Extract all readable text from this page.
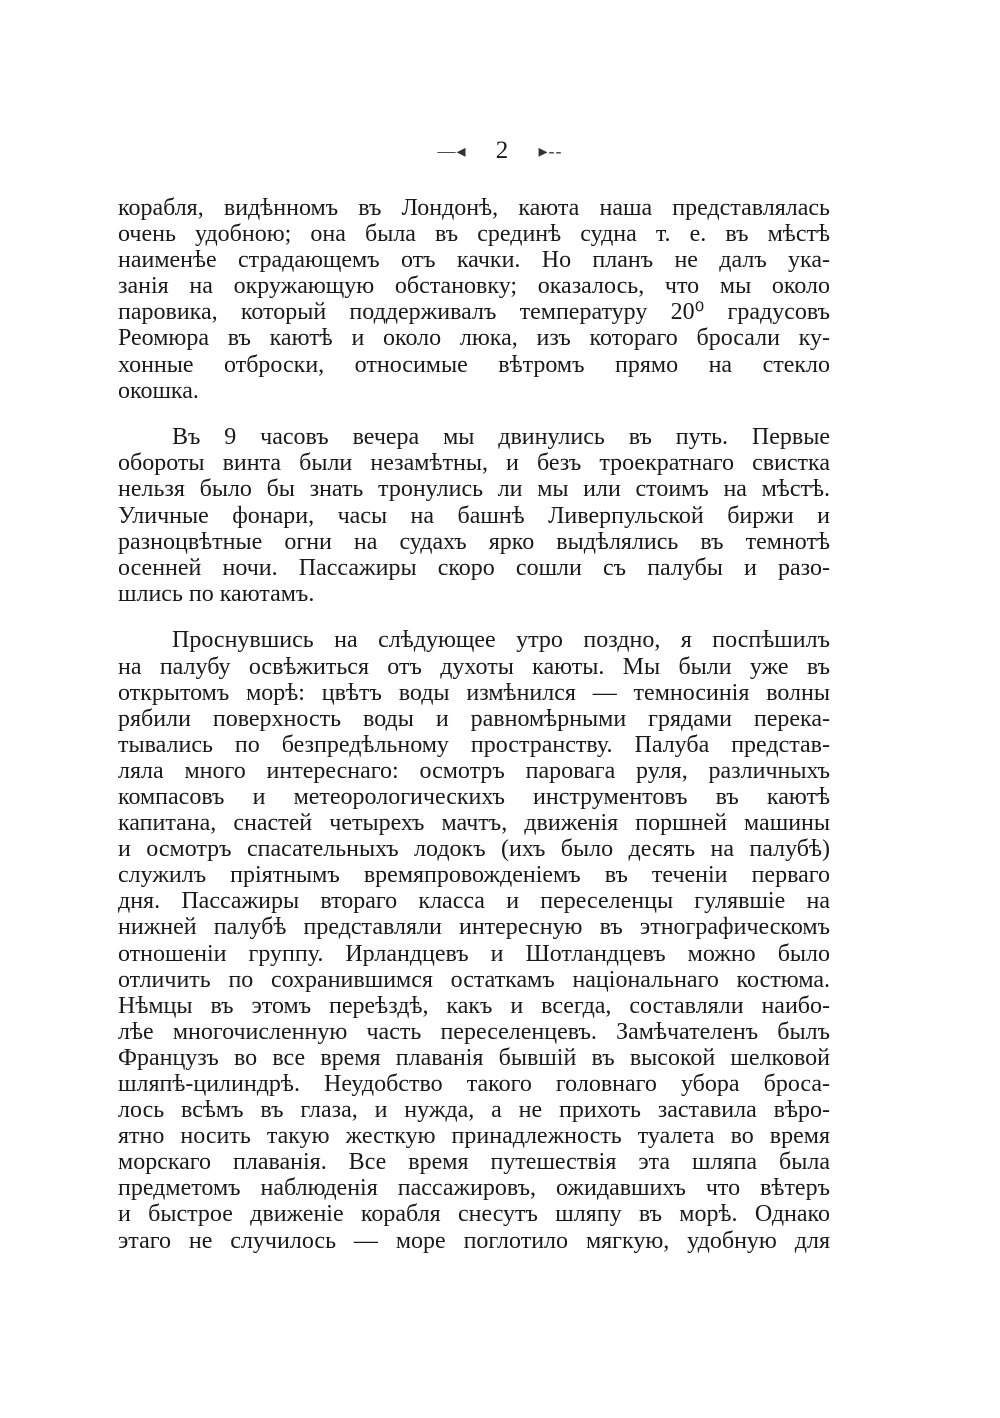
—◂ 2 ▸--
корабля, видѣнномъ въ Лондонѣ, каюта наша представлялась
очень удобною; она была въ срединѣ судна т. е. въ мѣстѣ
наименѣе страдающемъ отъ качки. Но планъ не далъ ука-
занія на окружающую обстановку; оказалось, что мы около
паровика, который поддерживалъ температуру 20⁰ градусовъ
Реомюра въ каютѣ и около люка, изъ котораго бросали ку-
хонные отброски, относимые вѣтромъ прямо на стекло
окошка.
Въ 9 часовъ вечера мы двинулись въ путь. Первые
обороты винта были незамѣтны, и безъ троекратнаго свистка
нельзя было бы знать тронулись ли мы или стоимъ на мѣстѣ.
Уличные фонари, часы на башнѣ Ливерпульской биржи и
разноцвѣтные огни на судахъ ярко выдѣлялись въ темнотѣ
осенней ночи. Пассажиры скоро сошли съ палубы и разо-
шлись по каютамъ.
Проснувшись на слѣдующее утро поздно, я поспѣшилъ
на палубу освѣжиться отъ духоты каюты. Мы были уже въ
открытомъ морѣ: цвѣтъ воды измѣнился — темносинія волны
рябили поверхность воды и равномѣрными грядами перека-
тывались по безпредѣльному пространству. Палуба представ-
ляла много интереснаго: осмотръ паровага руля, различныхъ
компасовъ и метеорологическихъ инструментовъ въ каютѣ
капитана, снастей четырехъ мачтъ, движенія поршней машины
и осмотръ спасательныхъ лодокъ (ихъ было десять на палубѣ)
служилъ пріятнымъ времяпровожденіемъ въ теченіи перваго
дня. Пассажиры втораго класса и переселенцы гулявшіе на
нижней палубѣ представляли интересную въ этнографическомъ
отношеніи группу. Ирландцевъ и Шотландцевъ можно было
отличить по сохранившимся остаткамъ національнаго костюма.
Нѣмцы въ этомъ переѣздѣ, какъ и всегда, составляли наибо-
лѣе многочисленную часть переселенцевъ. Замѣчателенъ былъ
Французъ во все время плаванія бывшій въ высокой шелковой
шляпѣ-цилиндрѣ. Неудобство такого головнаго убора броса-
лось всѣмъ въ глаза, и нужда, а не прихоть заставила вѣро-
ятно носить такую жесткую принадлежность туалета во время
морскаго плаванія. Все время путешествія эта шляпа была
предметомъ наблюденія пассажировъ, ожидавшихъ что вѣтеръ
и быстрое движеніе корабля снесутъ шляпу въ морѣ. Однако
этаго не случилось — море поглотило мягкую, удобную для
